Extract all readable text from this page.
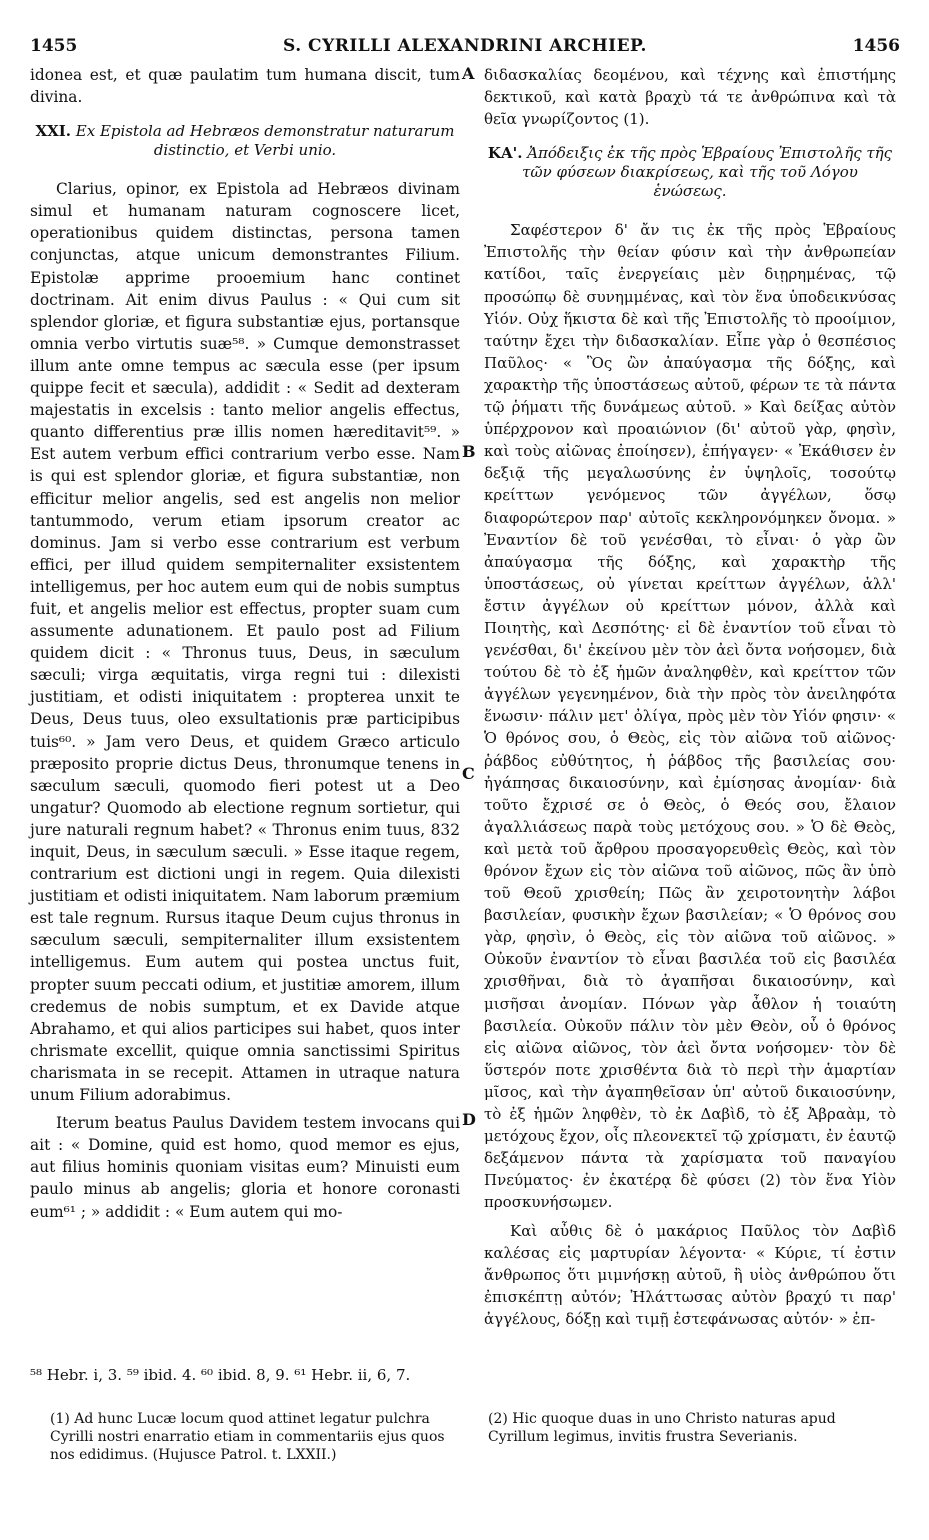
1455	S. CYRILLI ALEXANDRINI ARCHIEP.	1456
A
B
C
D

idonea est, et quæ paulatim tum humana discit, tum divina.

XXI. Ex Epistola ad Hebræos demonstratur naturarum distinctio, et Verbi unio.

Clarius, opinor, ex Epistola ad Hebræos divinam simul et humanam naturam cognoscere licet, operationibus quidem distinctas, persona tamen conjunctas, atque unicum demonstrantes Filium. Epistolæ apprime prooemium hanc continet doctrinam. Ait enim divus Paulus : « Qui cum sit splendor gloriæ, et figura substantiæ ejus, portansque omnia verbo virtutis suæ⁵⁸. » Cumque demonstrasset illum ante omne tempus ac sæcula esse (per ipsum quippe fecit et sæcula), addidit : « Sedit ad dexteram majestatis in excelsis : tanto melior angelis effectus, quanto differentius præ illis nomen hæreditavit⁵⁹. » Est autem verbum effici contrarium verbo esse. Nam is qui est splendor gloriæ, et figura substantiæ, non efficitur melior angelis, sed est angelis non melior tantummodo, verum etiam ipsorum creator ac dominus. Jam si verbo esse contrarium est verbum effici, per illud quidem sempiternaliter exsistentem intelligemus, per hoc autem eum qui de nobis sumptus fuit, et angelis melior est effectus, propter suam cum assumente adunationem. Et paulo post ad Filium quidem dicit : « Thronus tuus, Deus, in sæculum sæculi; virga æquitatis, virga regni tui : dilexisti justitiam, et odisti iniquitatem : propterea unxit te Deus, Deus tuus, oleo exsultationis præ participibus tuis⁶⁰. » Jam vero Deus, et quidem Græco articulo præposito proprie dictus Deus, thronumque tenens in sæculum sæculi, quomodo fieri potest ut a Deo ungatur? Quomodo ab electione regnum sortietur, qui jure naturali regnum habet? « Thronus enim tuus, 832 inquit, Deus, in sæculum sæculi. » Esse itaque regem, contrarium est dictioni ungi in regem. Quia dilexisti justitiam et odisti iniquitatem. Nam laborum præmium est tale regnum. Rursus itaque Deum cujus thronus in sæculum sæculi, sempiternaliter illum exsistentem intelligemus. Eum autem qui postea unctus fuit, propter suum peccati odium, et justitiæ amorem, illum credemus de nobis sumptum, et ex Davide atque Abrahamo, et qui alios participes sui habet, quos inter chrismate excellit, quique omnia sanctissimi Spiritus charismata in se recepit. Attamen in utraque natura unum Filium adorabimus.

Iterum beatus Paulus Davidem testem invocans qui ait : « Domine, quid est homo, quod memor es ejus, aut filius hominis quoniam visitas eum? Minuisti eum paulo minus ab angelis; gloria et honore coronasti eum⁶¹ ; » addidit : « Eum autem qui mo-

διδασκαλίας δεομένου, καὶ τέχνης καὶ ἐπιστήμης δεκτικοῦ, καὶ κατὰ βραχὺ τά τε ἀνθρώπινα καὶ τὰ θεῖα γνωρίζοντος (1).

ΚΑ'. Ἀπόδειξις ἐκ τῆς πρὸς Ἑβραίους Ἐπιστολῆς τῆς τῶν φύσεων διακρίσεως, καὶ τῆς τοῦ Λόγου ἑνώσεως.

Σαφέστερον δ' ἄν τις ἐκ τῆς πρὸς Ἑβραίους Ἐπιστολῆς τὴν θείαν φύσιν καὶ τὴν ἀνθρωπείαν κατίδοι, ταῖς ἐνεργείαις μὲν διῃρημένας, τῷ προσώπῳ δὲ συνημμένας, καὶ τὸν ἕνα ὑποδεικνύσας Υἱόν. Οὐχ ἥκιστα δὲ καὶ τῆς Ἐπιστολῆς τὸ προοίμιον, ταύτην ἔχει τὴν διδασκαλίαν. Εἶπε γὰρ ὁ θεσπέσιος Παῦλος· « Ὃς ὢν ἀπαύγασμα τῆς δόξης, καὶ χαρακτὴρ τῆς ὑποστάσεως αὐτοῦ, φέρων τε τὰ πάντα τῷ ῥήματι τῆς δυνάμεως αὐτοῦ. » Καὶ δείξας αὐτὸν ὑπέρχρονον καὶ προαιώνιον (δι' αὐτοῦ γὰρ, φησὶν, καὶ τοὺς αἰῶνας ἐποίησεν), ἐπήγαγεν· « Ἐκάθισεν ἐν δεξιᾷ τῆς μεγαλωσύνης ἐν ὑψηλοῖς, τοσούτῳ κρείττων γενόμενος τῶν ἀγγέλων, ὅσῳ διαφορώτερον παρ' αὐτοῖς κεκληρονόμηκεν ὄνομα. » Ἐναντίον δὲ τοῦ γενέσθαι, τὸ εἶναι· ὁ γὰρ ὢν ἀπαύγασμα τῆς δόξης, καὶ χαρακτὴρ τῆς ὑποστάσεως, οὐ γίνεται κρείττων ἀγγέλων, ἀλλ' ἔστιν ἀγγέλων οὐ κρείττων μόνον, ἀλλὰ καὶ Ποιητὴς, καὶ Δεσπότης· εἰ δὲ ἐναντίον τοῦ εἶναι τὸ γενέσθαι, δι' ἐκείνου μὲν τὸν ἀεὶ ὄντα νοήσομεν, διὰ τούτου δὲ τὸ ἐξ ἡμῶν ἀναληφθὲν, καὶ κρείττον τῶν ἀγγέλων γεγενημένον, διὰ τὴν πρὸς τὸν ἀνειληφότα ἕνωσιν· πάλιν μετ' ὀλίγα, πρὸς μὲν τὸν Υἱόν φησιν· « Ὁ θρόνος σου, ὁ Θεὸς, εἰς τὸν αἰῶνα τοῦ αἰῶνος· ῥάβδος εὐθύτητος, ἡ ῥάβδος τῆς βασιλείας σου· ἠγάπησας δικαιοσύνην, καὶ ἐμίσησας ἀνομίαν· διὰ τοῦτο ἔχρισέ σε ὁ Θεὸς, ὁ Θεός σου, ἔλαιον ἀγαλλιάσεως παρὰ τοὺς μετόχους σου. » Ὁ δὲ Θεὸς, καὶ μετὰ τοῦ ἄρθρου προσαγορευθεὶς Θεὸς, καὶ τὸν θρόνον ἔχων εἰς τὸν αἰῶνα τοῦ αἰῶνος, πῶς ἂν ὑπὸ τοῦ Θεοῦ χρισθείη; Πῶς ἂν χειροτονητὴν λάβοι βασιλείαν, φυσικὴν ἔχων βασιλείαν; « Ὁ θρόνος σου γὰρ, φησὶν, ὁ Θεὸς, εἰς τὸν αἰῶνα τοῦ αἰῶνος. » Οὐκοῦν ἐναντίον τὸ εἶναι βασιλέα τοῦ εἰς βασιλέα χρισθῆναι, διὰ τὸ ἀγαπῆσαι δικαιοσύνην, καὶ μισῆσαι ἀνομίαν. Πόνων γὰρ ἆθλον ἡ τοιαύτη βασιλεία. Οὐκοῦν πάλιν τὸν μὲν Θεὸν, οὗ ὁ θρόνος εἰς αἰῶνα αἰῶνος, τὸν ἀεὶ ὄντα νοήσομεν· τὸν δὲ ὕστερόν ποτε χρισθέντα διὰ τὸ περὶ τὴν ἁμαρτίαν μῖσος, καὶ τὴν ἀγαπηθεῖσαν ὑπ' αὐτοῦ δικαιοσύνην, τὸ ἐξ ἡμῶν ληφθὲν, τὸ ἐκ Δαβὶδ, τὸ ἐξ Ἀβραὰμ, τὸ μετόχους ἔχον, οἷς πλεονεκτεῖ τῷ χρίσματι, ἐν ἑαυτῷ δεξάμενον πάντα τὰ χαρίσματα τοῦ παναγίου Πνεύματος· ἐν ἑκατέρᾳ δὲ φύσει (2) τὸν ἕνα Υἱὸν προσκυνήσωμεν.

Καὶ αὖθις δὲ ὁ μακάριος Παῦλος τὸν Δαβὶδ καλέσας εἰς μαρτυρίαν λέγοντα· « Κύριε, τί ἐστιν ἄνθρωπος ὅτι μιμνήσκῃ αὐτοῦ, ἢ υἱὸς ἀνθρώπου ὅτι ἐπισκέπτῃ αὐτόν; Ἠλάττωσας αὐτὸν βραχύ τι παρ' ἀγγέλους, δόξῃ καὶ τιμῇ ἐστεφάνωσας αὐτόν· » ἐπ-

⁵⁸ Hebr. i, 3. ⁵⁹ ibid. 4. ⁶⁰ ibid. 8, 9. ⁶¹ Hebr. ii, 6, 7.
(1) Ad hunc Lucæ locum quod attinet legatur pulchra Cyrilli nostri enarratio etiam in commentariis ejus quos nos edidimus. (Hujusce Patrol. t. LXXII.)
(2) Hic quoque duas in uno Christo naturas apud Cyrillum legimus, invitis frustra Severianis.
